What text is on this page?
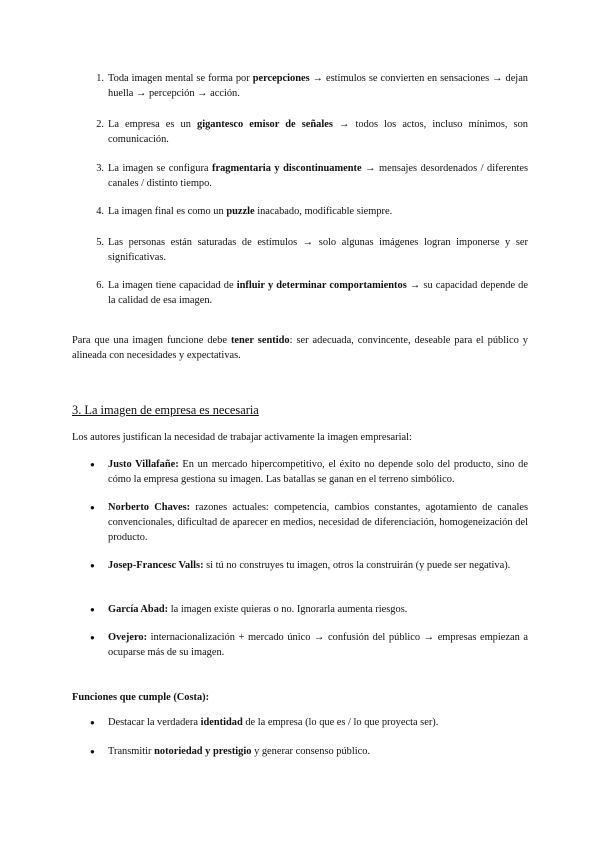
1. Toda imagen mental se forma por percepciones → estímulos se convierten en sensaciones → dejan huella → percepción → acción.

2. La empresa es un gigantesco emisor de señales → todos los actos, incluso mínimos, son comunicación.

3. La imagen se configura fragmentaria y discontinuamente → mensajes desordenados / diferentes canales / distinto tiempo.

4. La imagen final es como un puzzle inacabado, modificable siempre.

5. Las personas están saturadas de estímulos → solo algunas imágenes logran imponerse y ser significativas.

6. La imagen tiene capacidad de influir y determinar comportamientos → su capacidad depende de la calidad de esa imagen.

Para que una imagen funcione debe tener sentido: ser adecuada, convincente, deseable para el público y alineada con necesidades y expectativas.

3. La imagen de empresa es necesaria

Los autores justifican la necesidad de trabajar activamente la imagen empresarial:

● Justo Villafañe: En un mercado hipercompetitivo, el éxito no depende solo del producto, sino de cómo la empresa gestiona su imagen. Las batallas se ganan en el terreno simbólico.

● Norberto Chaves: razones actuales: competencia, cambios constantes, agotamiento de canales convencionales, dificultad de aparecer en medios, necesidad de diferenciación, homogeneización del producto.

● Josep-Francesc Valls: si tú no construyes tu imagen, otros la construirán (y puede ser negativa).

● García Abad: la imagen existe quieras o no. Ignorarla aumenta riesgos.

● Ovejero: internacionalización + mercado único → confusión del público → empresas empiezan a ocuparse más de su imagen.

Funciones que cumple (Costa):

● Destacar la verdadera identidad de la empresa (lo que es / lo que proyecta ser).

● Transmitir notoriedad y prestigio y generar consenso público.
